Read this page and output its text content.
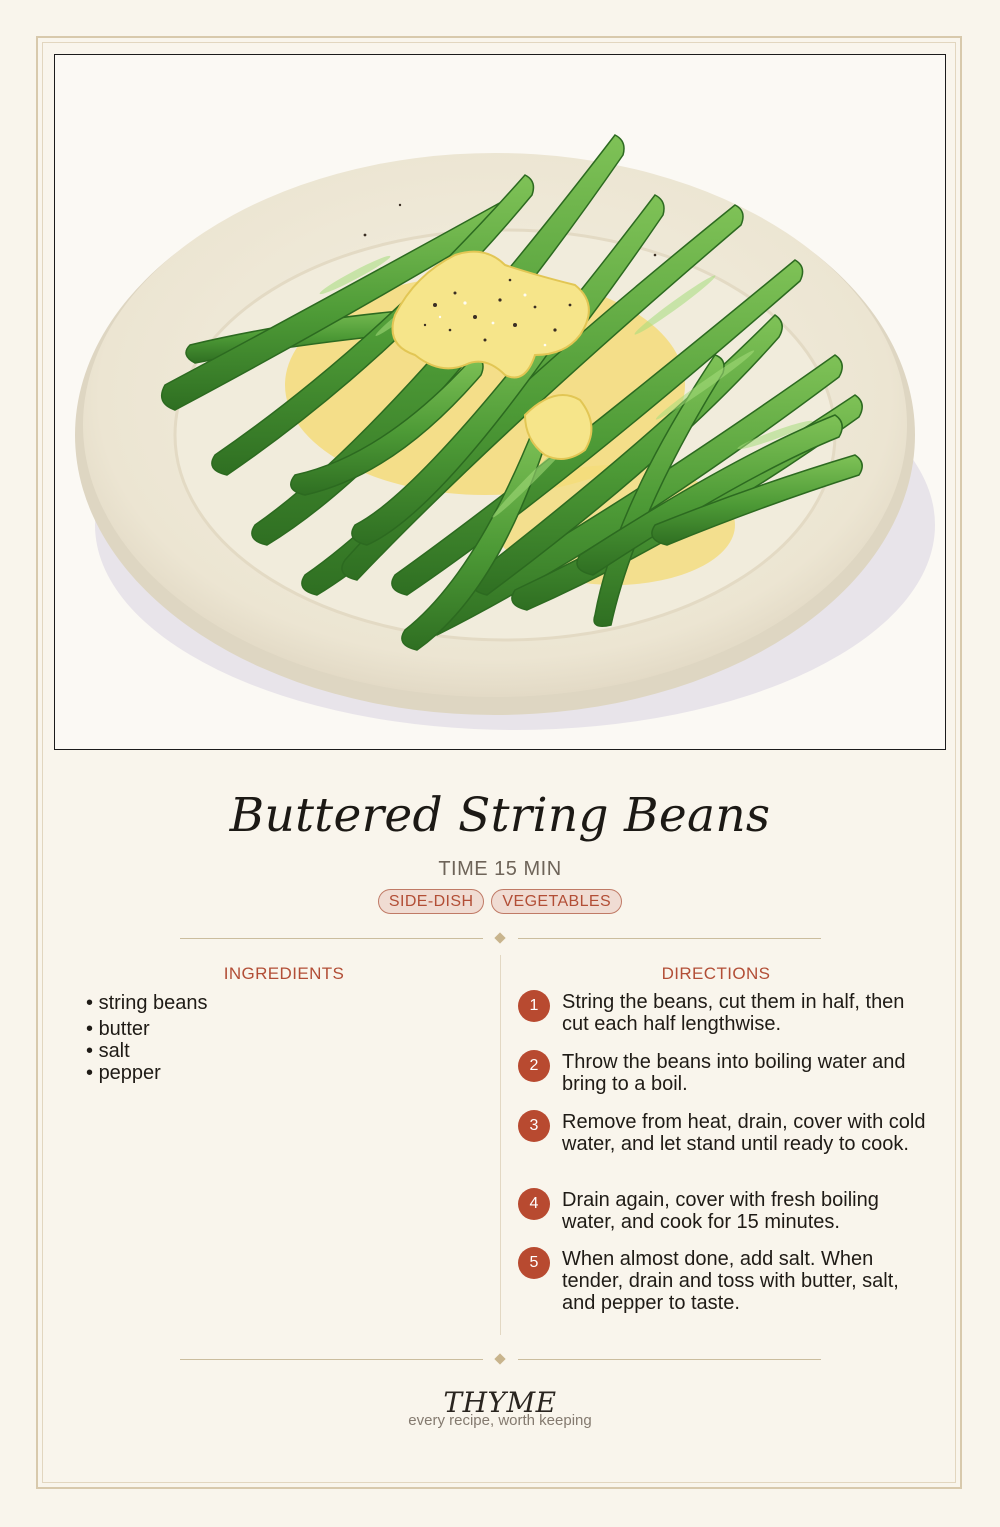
Buttered String Beans
TIME 15 MIN
SIDE-DISH	VEGETABLES
INGREDIENTS
• string beans
• butter
• salt
• pepper
DIRECTIONS
1	String the beans, cut them in half, then cut each half lengthwise.
2	Throw the beans into boiling water and bring to a boil.
3	Remove from heat, drain, cover with cold water, and let stand until ready to cook.
4	Drain again, cover with fresh boiling water, and cook for 15 minutes.
5	When almost done, add salt. When tender, drain and toss with butter, salt, and pepper to taste.
THYME
every recipe, worth keeping
